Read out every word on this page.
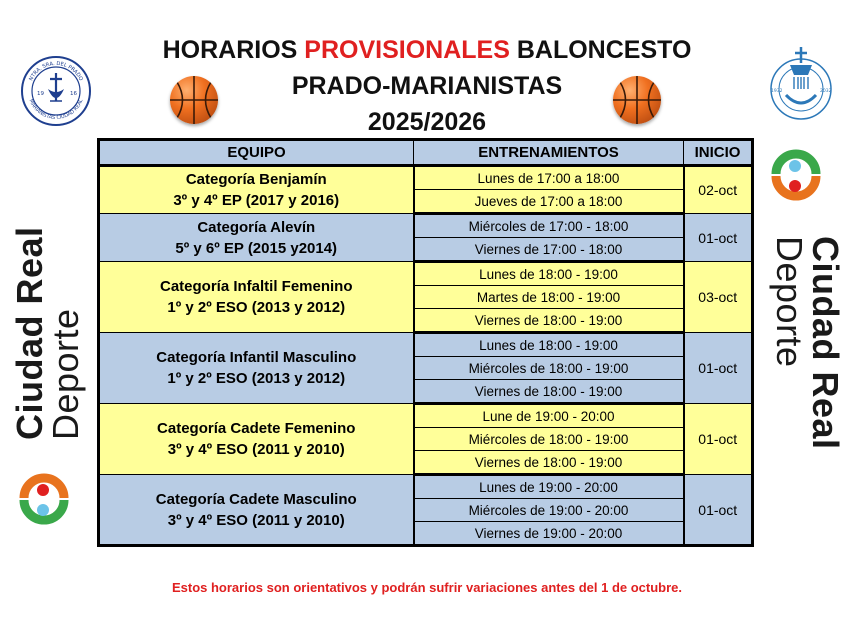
HORARIOS PROVISIONALES BALONCESTO
PRADO-MARIANISTAS
2025/2026
NTRA. SRA. DEL PRADO
MARIANISTAS CIUDAD REAL
19	16	1932	2032
Ciudad Real
Deporte	Ciudad Real
Deporte
EQUIPO	ENTRENAMIENTOS	INICIO

Categoría Benjamín
3º y 4º EP (2017 y 2016)	Lunes de 17:00 a 18:00	02-oct
	Jueves de 17:00 a 18:00	

Categoría Alevín
5º y 6º EP (2015 y2014)	Miércoles de 17:00 - 18:00	01-oct
	Viernes de 17:00 - 18:00	

Categoría Infaltil Femenino
1º y 2º ESO (2013 y 2012)	Lunes de 18:00 - 19:00	03-oct
	Martes de 18:00 - 19:00	
	Viernes de 18:00 - 19:00	

Categoría Infantil Masculino
1º y 2º ESO (2013 y 2012)	Lunes de 18:00 - 19:00	01-oct
	Miércoles de 18:00 - 19:00	
	Viernes de 18:00 - 19:00	

Categoría Cadete Femenino
3º y 4º ESO (2011 y 2010)	Lune de 19:00 - 20:00	01-oct
	Miércoles de 18:00 - 19:00	
	Viernes de 18:00 - 19:00	

Categoría Cadete Masculino
3º y 4º ESO (2011 y 2010)	Lunes de 19:00 - 20:00	01-oct
	Miércoles de 19:00 - 20:00	
	Viernes de 19:00 - 20:00	
Estos horarios son orientativos y podrán sufrir variaciones antes del 1 de octubre.
